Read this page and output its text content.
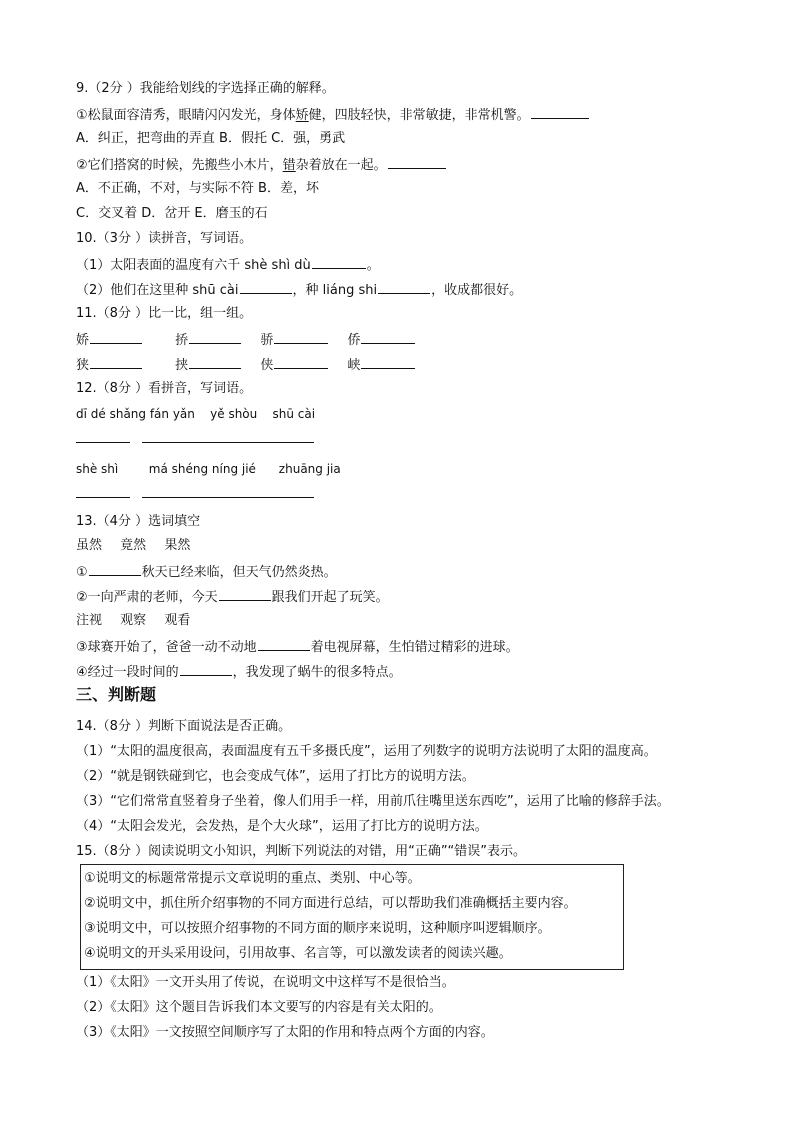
9.（2分 ）我能给划线的字选择正确的解释。
①松鼠面容清秀，眼睛闪闪发光，身体矫健，四肢轻快，非常敏捷，非常机警。
A．纠正，把弯曲的弄直 B．假托 C．强，勇武
②它们搭窝的时候，先搬些小木片，错杂着放在一起。
A．不正确，不对，与实际不符 B．差，坏
C．交叉着 D．岔开 E．磨玉的石
10.（3分 ）读拼音，写词语。
（1）太阳表面的温度有六千 shè shì dù	。
（2）他们在这里种 shū cài	，种 liáng shi	，收成都很好。
11.（8分 ）比一比，组一组。
娇	挢	骄	侨
狭	挟	侠	峡
12.（8分 ）看拼音，写词语。
dī dé shǎng fán yǎn    yě shòu    shū cài
shè shì        má shéng níng jié      zhuāng jia
13.（4分 ）选词填空
虽然 竟然 果然
①	秋天已经来临，但天气仍然炎热。
②一向严肃的老师，今天	跟我们开起了玩笑。
注视 观察 观看
③球赛开始了，爸爸一动不动地	着电视屏幕，生怕错过精彩的进球。
④经过一段时间的	，我发现了蜗牛的很多特点。
三、判断题
14.（8分 ）判断下面说法是否正确。
（1）“太阳的温度很高，表面温度有五千多摄氏度”，运用了列数字的说明方法说明了太阳的温度高。
（2）“就是钢铁碰到它，也会变成气体”，运用了打比方的说明方法。
（3）“它们常常直竖着身子坐着，像人们用手一样，用前爪往嘴里送东西吃”，运用了比喻的修辞手法。
（4）“太阳会发光，会发热，是个大火球”，运用了打比方的说明方法。
15.（8分 ）阅读说明文小知识，判断下列说法的对错，用“正确”“错误”表示。
①说明文的标题常常提示文章说明的重点、类别、中心等。
②说明文中，抓住所介绍事物的不同方面进行总结，可以帮助我们准确概括主要内容。
③说明文中，可以按照介绍事物的不同方面的顺序来说明，这种顺序叫逻辑顺序。
④说明文的开头采用设问，引用故事、名言等，可以激发读者的阅读兴趣。
（1）《太阳》一文开头用了传说，在说明文中这样写不是很恰当。
（2）《太阳》这个题目告诉我们本文要写的内容是有关太阳的。
（3）《太阳》一文按照空间顺序写了太阳的作用和特点两个方面的内容。
